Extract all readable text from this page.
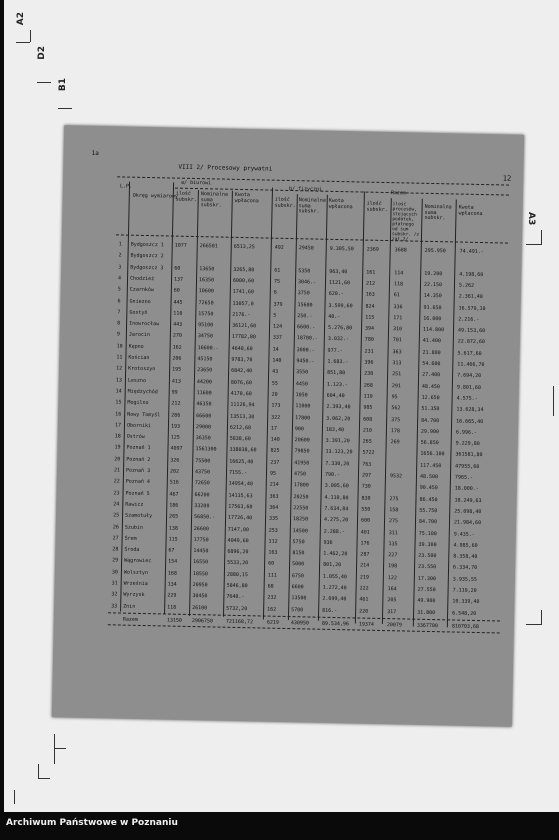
A2
D2
B1
A3
1a
12
VIII 2/ Procesowy prywatni
L.P.
Okręg wymiarowy
a/ biurowi
b/ fizyczni
Razem
ilość subskr.
Nominalna suma subskr.
Kwota wpłacona	ilość subskr.
Nominalna suma subskr.
Kwota wpłacona	ilość subskr.
ilość procesów, stojących podatek, płatnego od sum subskr. /z zat.2/
Nominalna suma subskr.
Kwota wpłacona
1 Bydgoszcz 1 1077	266501	6513,25	492	29450	9.305,50	2369	3688	295.950	74.491.-
2 Bydgoszcz 2
3 Bydgoszcz 3 60	13650	3265,80	61	5350	963,40	161	114	19.200	4.198,60
4 Chodzież	137	16350	6000,60	75	3046.-	1121,60	212	118	22.150	5.262
5 Czarnków	60	10600	1741,60	6	3750	620.-	163	61	14.350	2.361,40
6 Gniezno	445	72650	13057,0	379	15600	3.599,60	824	336	91.650	16.579,10
7 Gostyń	110	15750	2176.-	5	250.-	40.-	115	171	16.000	2.216.-
8 Inowrocław	443	95100	36121,60	124	6600.-	5.276,80	394	310	114.800	49.153,60
9 Jarocin	270	34750	17782,80	337	18700.- 3.032.-	780	701	41.400	22.872,60
10 Kępno	162	16600.-	4640,60	14	3000.-	977.-	231	363	21.800	5.617,60
11 Kościan	206	45150	9783,70	140	9450.-	1.683.-	396	313	54.600	11.466,70
12 Krotoszyn	195	23650	6842,40	43	3550	851,80	238	251	27.400	7.694,20
13 Leszno	413	44200	8076,60	55	4450	1.123.-	268	291	48.450	9.801,60
14 Międzychód	99	11600	4170,60	20	1050	604,40	119	95	12.650	4.575.-
15 Mogilno	212	46350	11126,94	173	11000	2.393,40	985	562	51.350	13.628,34
16 Nowy Tomyśl 286	66600	13513,30	322	17800	3.062,20	608	375	84.700	16.665,40
17 Oborniki	193	29000	6212,60	17	900	183,40	210	178	29.900	6.996.-
18 Ostrów	125	36350	5838,60	140	20600	3.391,20	265	269	56.850	9.229,80
19 Poznań 1	4097	1561300	338038,60	825	79850	13.123,20 5722	1656.100 361581,80
20 Poznań 2	326	75500	16625,40	237	41950	7.330,20	763	117.450	47955,60
21 Poznań 3	202	43750	7155.-	95	4750	790.-	297	9532	48.500	7965.-
22 Poznań 4	516	72650	14954,40	214	17800	3.005,60	730	90.450	18.000.-
23 Poznań 5	467	66200	14135,63	363	20250	4.110,80	830	275	86.450	18.249,63
24 Rawicz	186	33200	17563,60	364	22550	7.634,84	550	158	55.750	25.098,40
25 Szamotuły	265	56850.-	17726,40	335	18250	4.275,20	600	275	84.700	21.984,60
26 Szubin	138	26600	7147,00	253	14500	2.288.-	401	311	75.100	9.435.-
27 Śrem	115	17750	4049,60	112	5750	936	176	135	39.300	4.985,60
28 Środa	67	14450	6896,20	163	8150	1.462,20	287	227	23.500	8.358,40
29 Wągrowiec	154	16550	5533,20	60	5000	801,20	214	198	23.550	6.334,70
30 Wolsztyn	168	10550	2880,15	111	6750	1.055,40	219	122	17.300	3.935,55
31 Września	134	20950	5846,80	68	6600	1.272,40	222	164	27.550	7.119,20
32 Wyrzysk	229	30450	7640.-	232	13500	2.699,40	461	205	49.900	10.339,40
33 Znin	118	26100	5732,20	162	5700	816.-	220	317	31.800	6.548,20
Razem	13150 2906750	721168,72	6219 430950	89.534,96 19374	20079	3367700	810703,68
Archiwum Państwowe w Poznaniu
